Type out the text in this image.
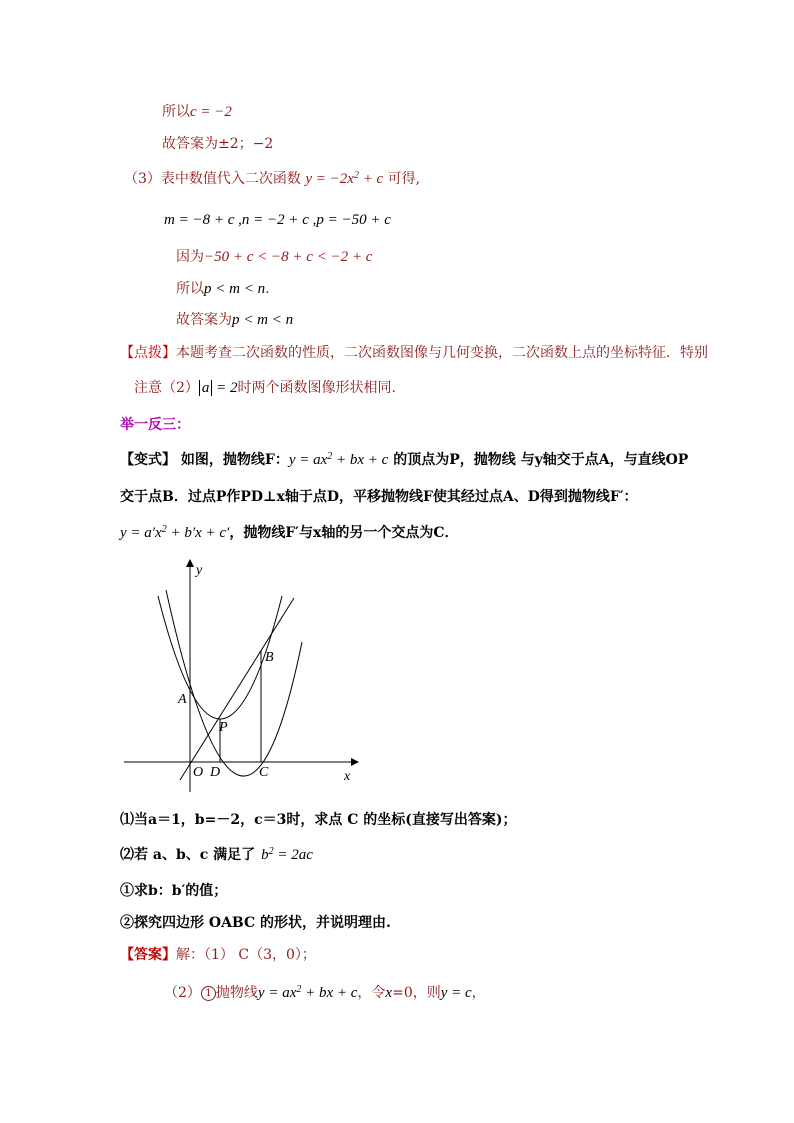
所以c = −2
故答案为±2；−2
（3）表中数值代入二次函数 $y = -2x^2 + c$ 可得,
m = −8 + c ,n = −2 + c ,p = −50 + c
因为−50 + c < −8 + c < −2 + c
所以p < m < n.
故答案为p < m < n
【点拨】本题考查二次函数的性质，二次函数图像与几何变换，二次函数上点的坐标特征．特别
注意（2） a = 2时两个函数图像形状相同.
举一反三：
【变式】 如图，抛物线F：$y = ax^2$ + bx + c 的顶点为P，抛物线 与y轴交于点A，与直线OP
交于点B．过点P作PD⊥x轴于点D，平移抛物线F使其经过点A、D得到抛物线F′：
$y = a'x^2 + b'x + c'$，抛物线F′与x轴的另一个交点为C．
y
x
A
B
P
O D	C
⑴当a＝1，b=－2，c＝3时，求点 C 的坐标(直接写出答案)；
⑵若 a、b、c 满足了 $b^2 = 2ac$
①求b：b′的值；
②探究四边形 OABC 的形状，并说明理由.
【答案】解：（1） C（3，0）；
（2） 1 抛物线$y = ax^2$ + bx + c，令x=0，则y = c，
